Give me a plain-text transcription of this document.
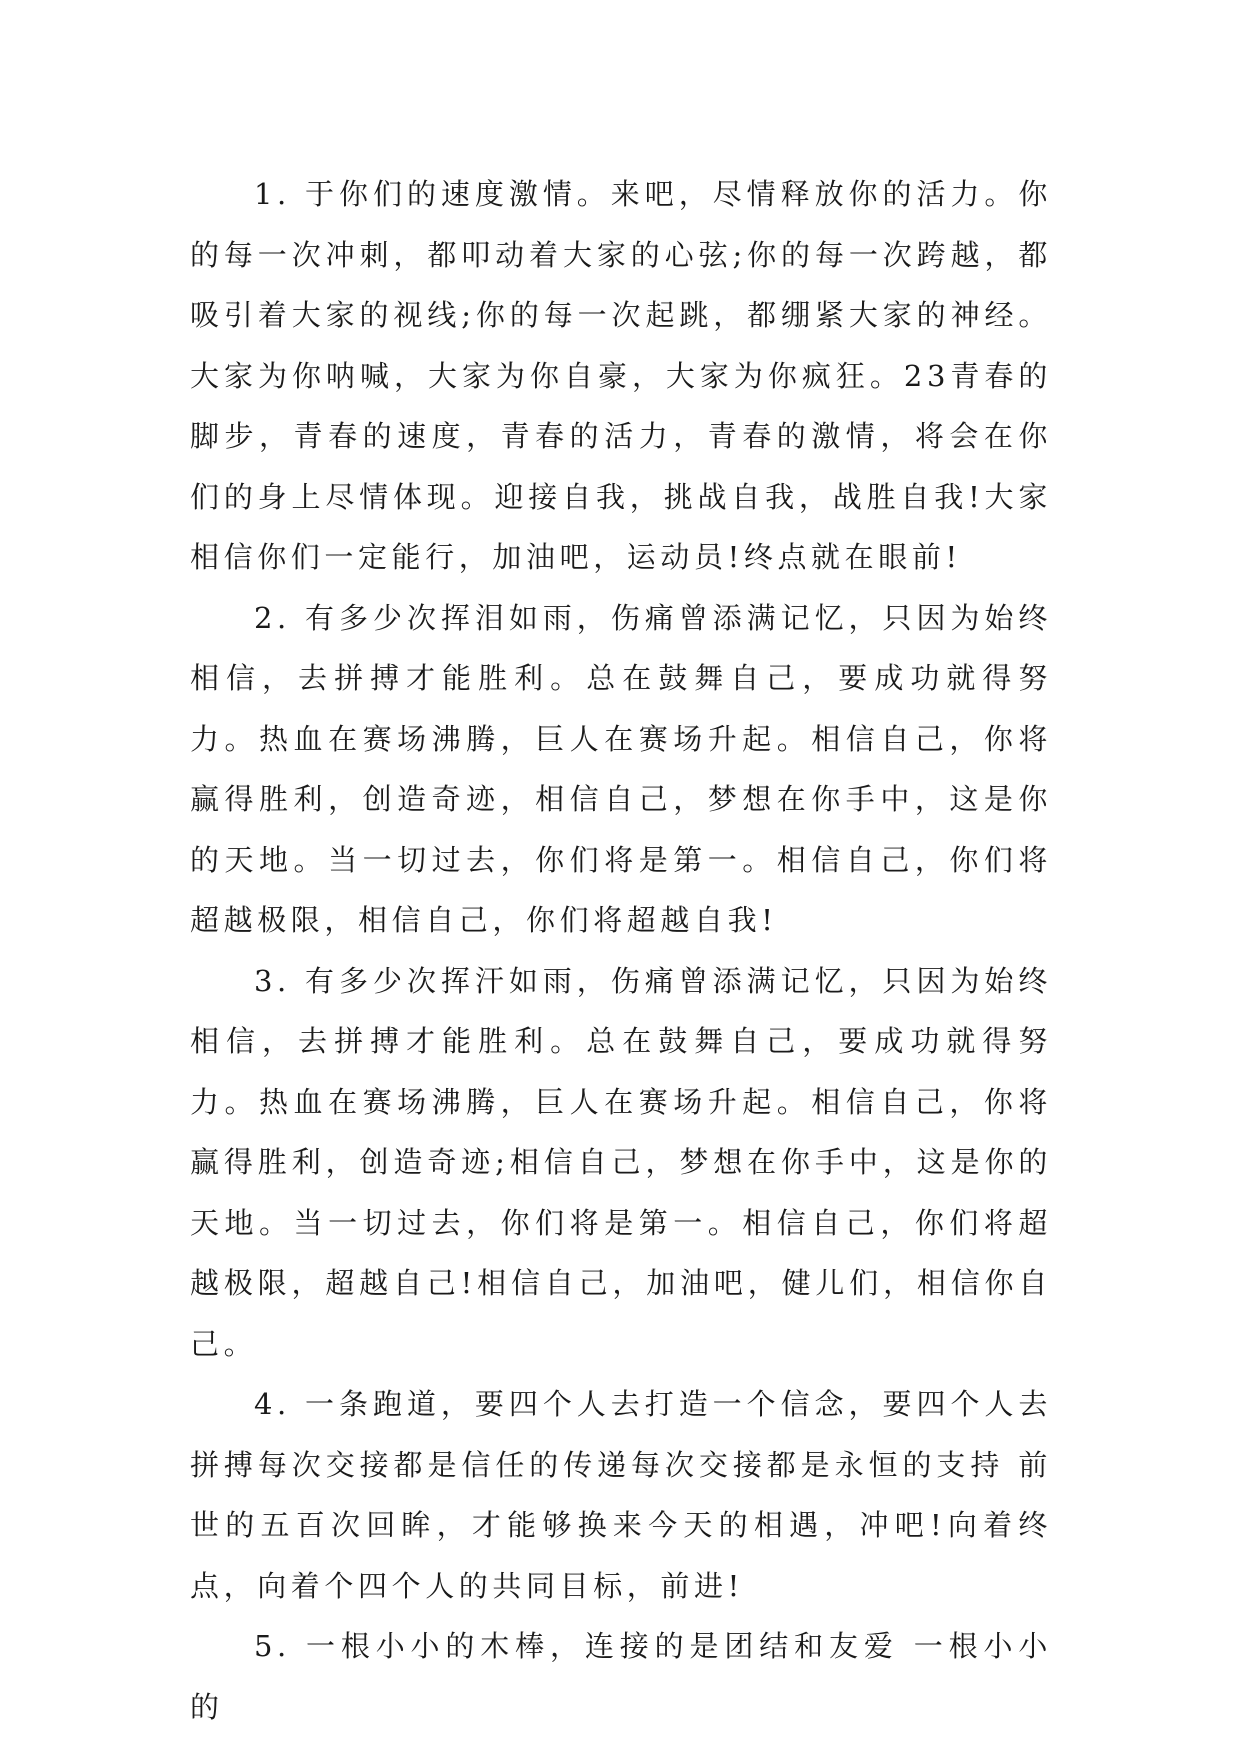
1. 于你们的速度激情。来吧，尽情释放你的活力。你的每一次冲刺，都叩动着大家的心弦;你的每一次跨越，都吸引着大家的视线;你的每一次起跳，都绷紧大家的神经。大家为你呐喊，大家为你自豪，大家为你疯狂。23青春的脚步，青春的速度，青春的活力，青春的激情，将会在你们的身上尽情体现。迎接自我，挑战自我，战胜自我!大家相信你们一定能行，加油吧，运动员!终点就在眼前!

2. 有多少次挥泪如雨，伤痛曾添满记忆，只因为始终相信，去拼搏才能胜利。总在鼓舞自己，要成功就得努力。热血在赛场沸腾，巨人在赛场升起。相信自己，你将赢得胜利，创造奇迹，相信自己，梦想在你手中，这是你的天地。当一切过去，你们将是第一。相信自己，你们将超越极限，相信自己，你们将超越自我!

3. 有多少次挥汗如雨，伤痛曾添满记忆，只因为始终相信，去拼搏才能胜利。总在鼓舞自己，要成功就得努力。热血在赛场沸腾，巨人在赛场升起。相信自己，你将赢得胜利，创造奇迹;相信自己，梦想在你手中，这是你的天地。当一切过去，你们将是第一。相信自己，你们将超越极限，超越自己!相信自己，加油吧，健儿们，相信你自己。

4. 一条跑道，要四个人去打造一个信念，要四个人去拼搏每次交接都是信任的传递每次交接都是永恒的支持 前世的五百次回眸，才能够换来今天的相遇，冲吧!向着终点，向着个四个人的共同目标，前进!

5. 一根小小的木棒，连接的是团结和友爱 一根小小的
